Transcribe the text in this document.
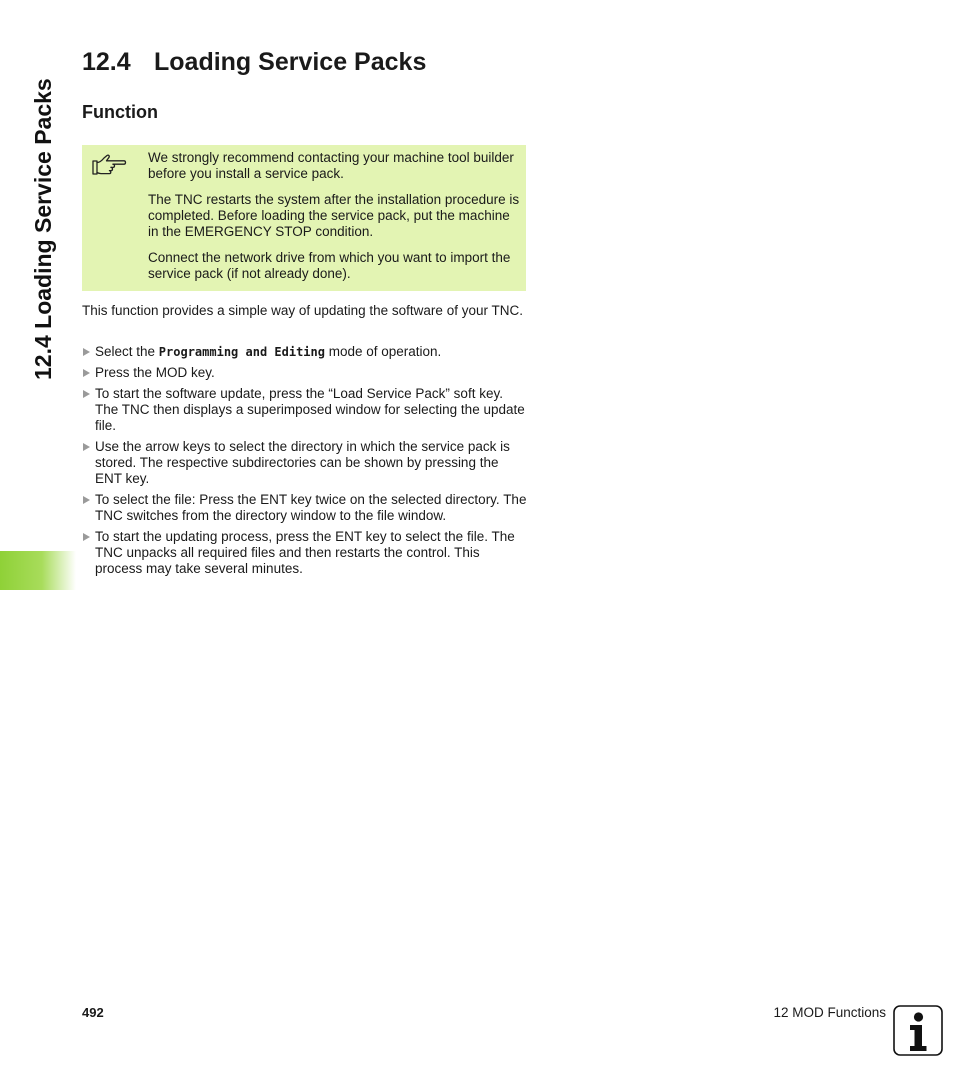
12.4 Loading Service Packs
12.4 Loading Service Packs
Function

We strongly recommend contacting your machine tool builder before you install a service pack.

The TNC restarts the system after the installation procedure is completed. Before loading the service pack, put the machine in the EMERGENCY STOP condition.

Connect the network drive from which you want to import the service pack (if not already done).

This function provides a simple way of updating the software of your TNC.

Select the Programming and Editing mode of operation.
Press the MOD key.
To start the software update, press the “Load Service Pack” soft key. The TNC then displays a superimposed window for selecting the update file.
Use the arrow keys to select the directory in which the service pack is stored. The respective subdirectories can be shown by pressing the ENT key.
To select the file: Press the ENT key twice on the selected directory. The TNC switches from the directory window to the file window.
To start the updating process, press the ENT key to select the file. The TNC unpacks all required files and then restarts the control. This process may take several minutes.
492	12 MOD Functions
